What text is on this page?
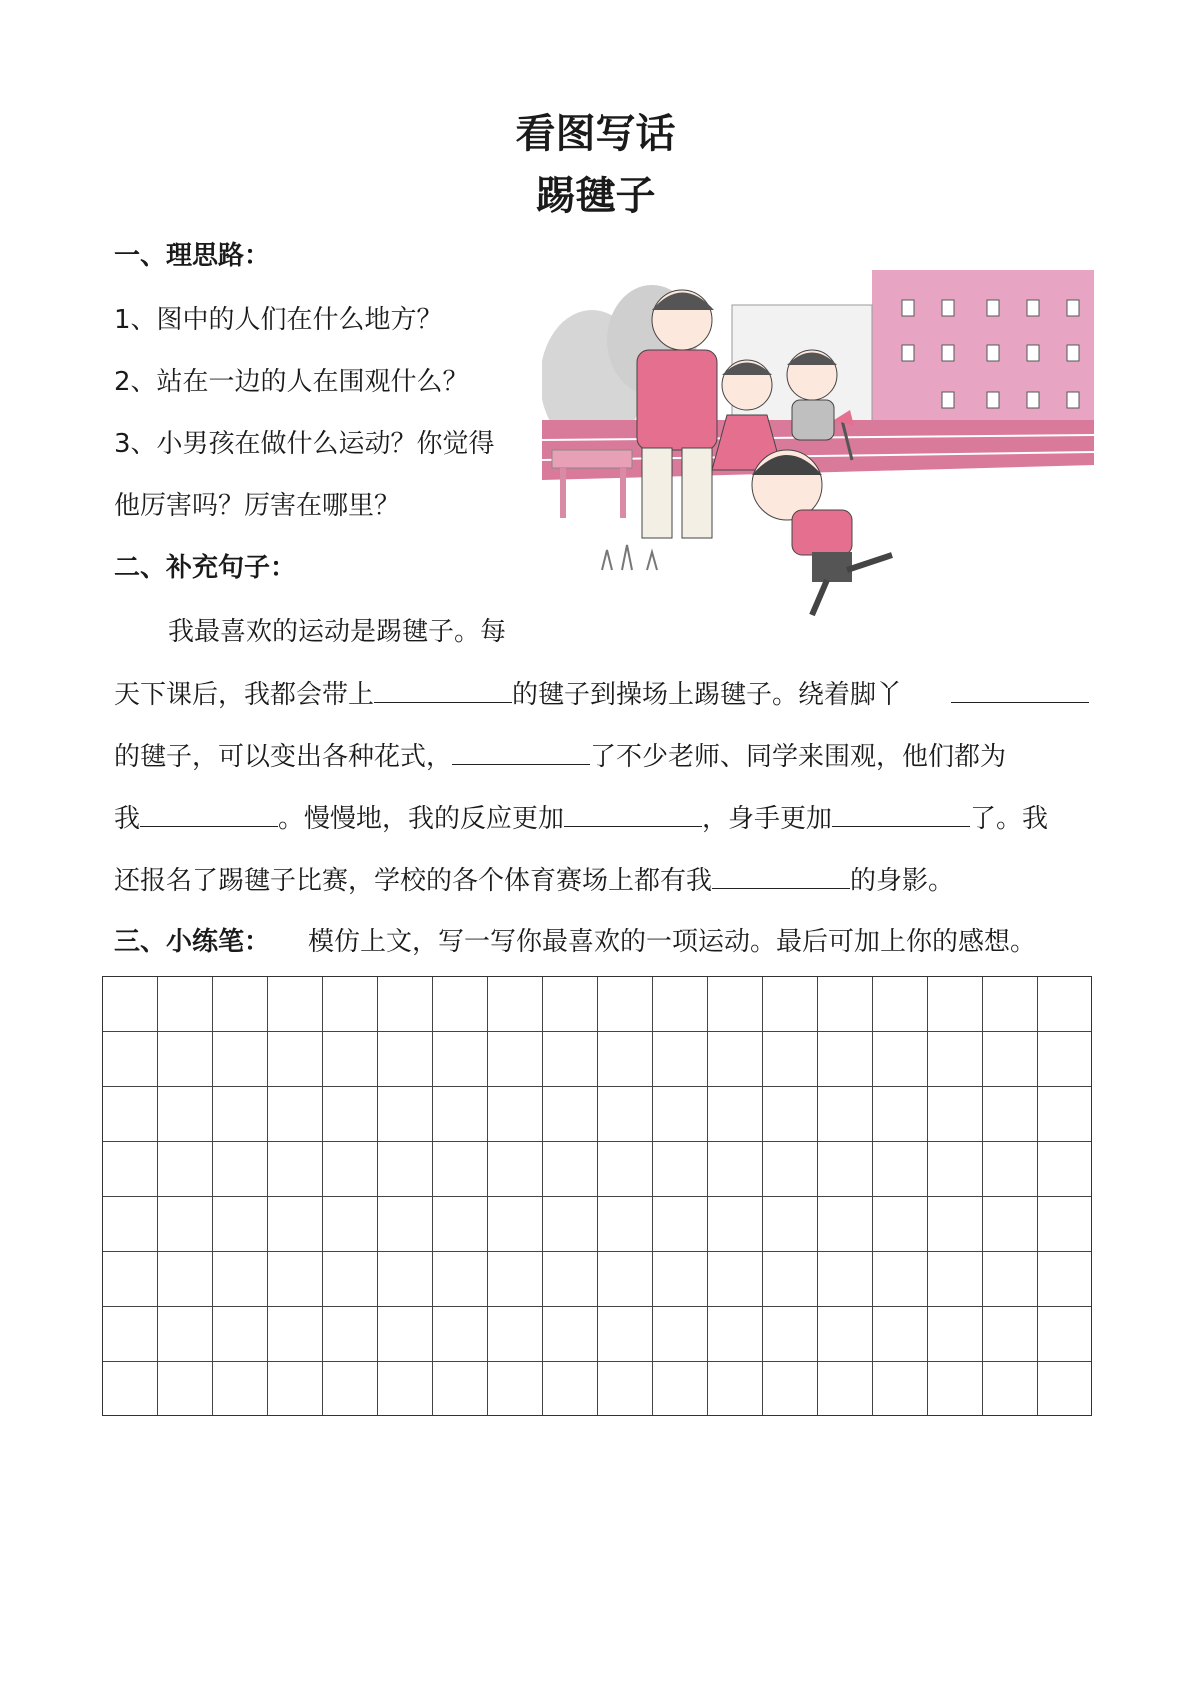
看图写话
踢毽子
一、理思路：
1、图中的人们在什么地方？
2、站在一边的人在围观什么？
3、小男孩在做什么运动？你觉得
他厉害吗？厉害在哪里？
二、补充句子：
我最喜欢的运动是踢毽子。每
天下课后，我都会带上	的毽子到操场上踢毽子。绕着脚丫
的毽子，可以变出各种花式，	了不少老师、同学来围观，他们都为
我	。慢慢地，我的反应更加	，身手更加	了。我
还报名了踢毽子比赛，学校的各个体育赛场上都有我	的身影。
三、小练笔： 模仿上文，写一写你最喜欢的一项运动。最后可加上你的感想。
